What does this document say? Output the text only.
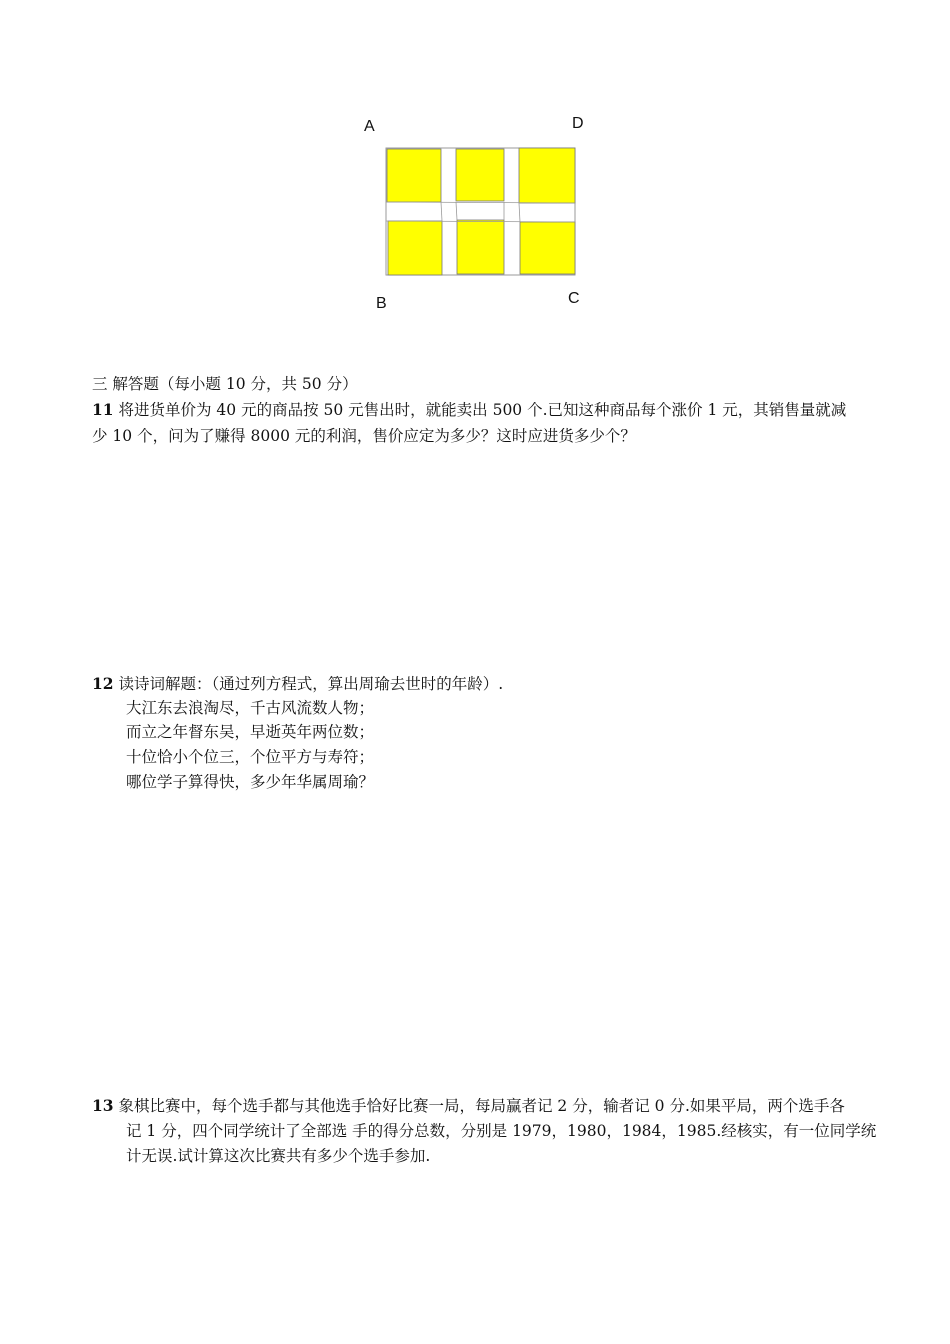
A	D
B	C
三 解答题（每小题 10 分，共 50 分）
11 将进货单价为 40 元的商品按 50 元售出时，就能卖出 500 个.已知这种商品每个涨价 1 元，其销售量就减
少 10 个，问为了赚得 8000 元的利润，售价应定为多少？这时应进货多少个？
12 读诗词解题：（通过列方程式，算出周瑜去世时的年龄）.
大江东去浪淘尽，千古风流数人物；
而立之年督东吴，早逝英年两位数；
十位恰小个位三，个位平方与寿符；
哪位学子算得快，多少年华属周瑜？
13 象棋比赛中，每个选手都与其他选手恰好比赛一局，每局赢者记 2 分，输者记 0 分.如果平局，两个选手各
记 1 分，四个同学统计了全部选 手的得分总数，分别是 1979，1980，1984，1985.经核实，有一位同学统
计无误.试计算这次比赛共有多少个选手参加.
